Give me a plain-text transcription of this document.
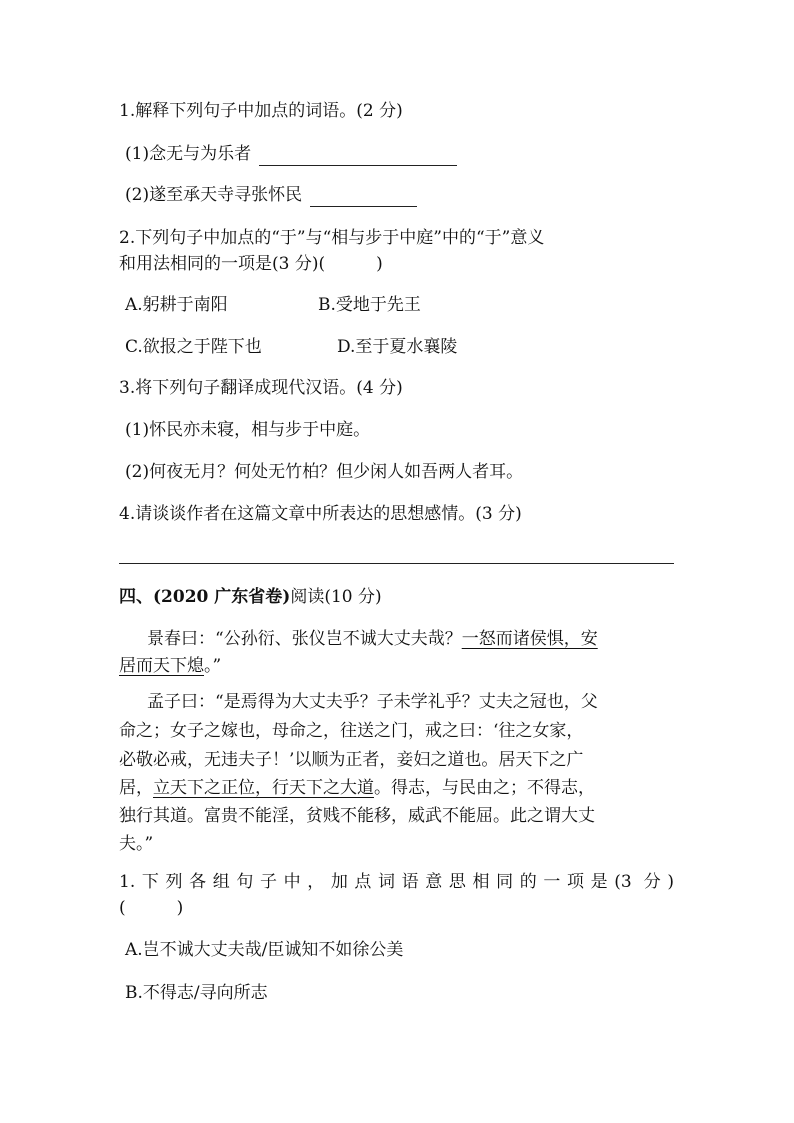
1.解释下列句子中加点的词语。(2 分)
(1)念无与为乐者
(2)遂至承天寺寻张怀民
2.下列句子中加点的“于”与“相与步于中庭”中的“于”意义
和用法相同的一项是(3 分)(　　　)
A.躬耕于南阳	B.受地于先王
C.欲报之于陛下也	D.至于夏水襄陵
3.将下列句子翻译成现代汉语。(4 分)
(1)怀民亦未寝，相与步于中庭。
(2)何夜无月？何处无竹柏？但少闲人如吾两人者耳。
4.请谈谈作者在这篇文章中所表达的思想感情。(3 分)
四、(2020 广东省卷)阅读(10 分)
景春曰：“公孙衍、张仪岂不诚大丈夫哉？一怒而诸侯惧，安
居而天下熄。”
孟子曰：“是焉得为大丈夫乎？子未学礼乎？丈夫之冠也，父
命之；女子之嫁也，母命之，往送之门，戒之曰：‘往之女家，
必敬必戒，无违夫子！’以顺为正者，妾妇之道也。居天下之广
居，立天下之正位，行天下之大道。得志，与民由之；不得志，
独行其道。富贵不能淫，贫贱不能移，威武不能屈。此之谓大丈
夫。”
1.下列各组句子中，加点词语意思相同的一项是(3 分)
(　　　)
A.岂不诚大丈夫哉/臣诚知不如徐公美
B.不得志/寻向所志
